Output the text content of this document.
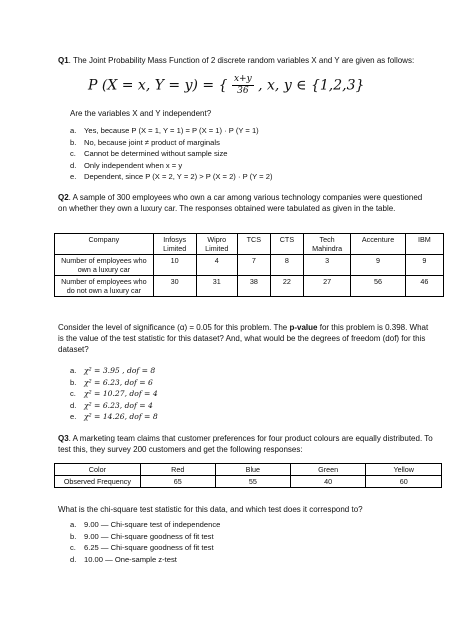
Q1. The Joint Probability Mass Function of 2 discrete random variables X and Y are given as follows:
P (X = x, Y = y) = { $\frac{x+y}{36}$ , x, y ∈ {1,2,3}
Are the variables X and Y independent?
a. Yes, because P (X = 1, Y = 1) = P (X = 1) · P (Y = 1)
b. No, because joint ≠ product of marginals
c. Cannot be determined without sample size
d. Only independent when x = y
e. Dependent, since P (X = 2, Y = 2) > P (X = 2) · P (Y = 2)
Q2. A sample of 300 employees who own a car among various technology companies were questioned on whether they own a luxury car. The responses obtained were tabulated as given in the table.
Company	Infosys Limited	Wipro Limited	TCS	CTS	Tech Mahindra	Accenture	IBM
Number of employees who own a luxury car	10	4	7	8	3	9	9
Number of employees who do not own a luxury car	30	31	38	22	27	56	46
Consider the level of significance (α) = 0.05 for this problem. The p-value for this problem is 0.398. What is the value of the test statistic for this dataset? And, what would be the degrees of freedom (dof) for this dataset?
a. χ² = 3.95 , dof = 8
b. χ² = 6.23, dof = 6
c. χ² = 10.27, dof = 4
d. χ² = 6.23, dof = 4
e. χ² = 14.26, dof = 8
Q3. A marketing team claims that customer preferences for four product colours are equally distributed. To test this, they survey 200 customers and get the following responses:
Color	Red	Blue	Green	Yellow
Observed Frequency	65	55	40	60
What is the chi-square test statistic for this data, and which test does it correspond to?
a. 9.00 — Chi-square test of independence
b. 9.00 — Chi-square goodness of fit test
c. 6.25 — Chi-square goodness of fit test
d. 10.00 — One-sample z-test
